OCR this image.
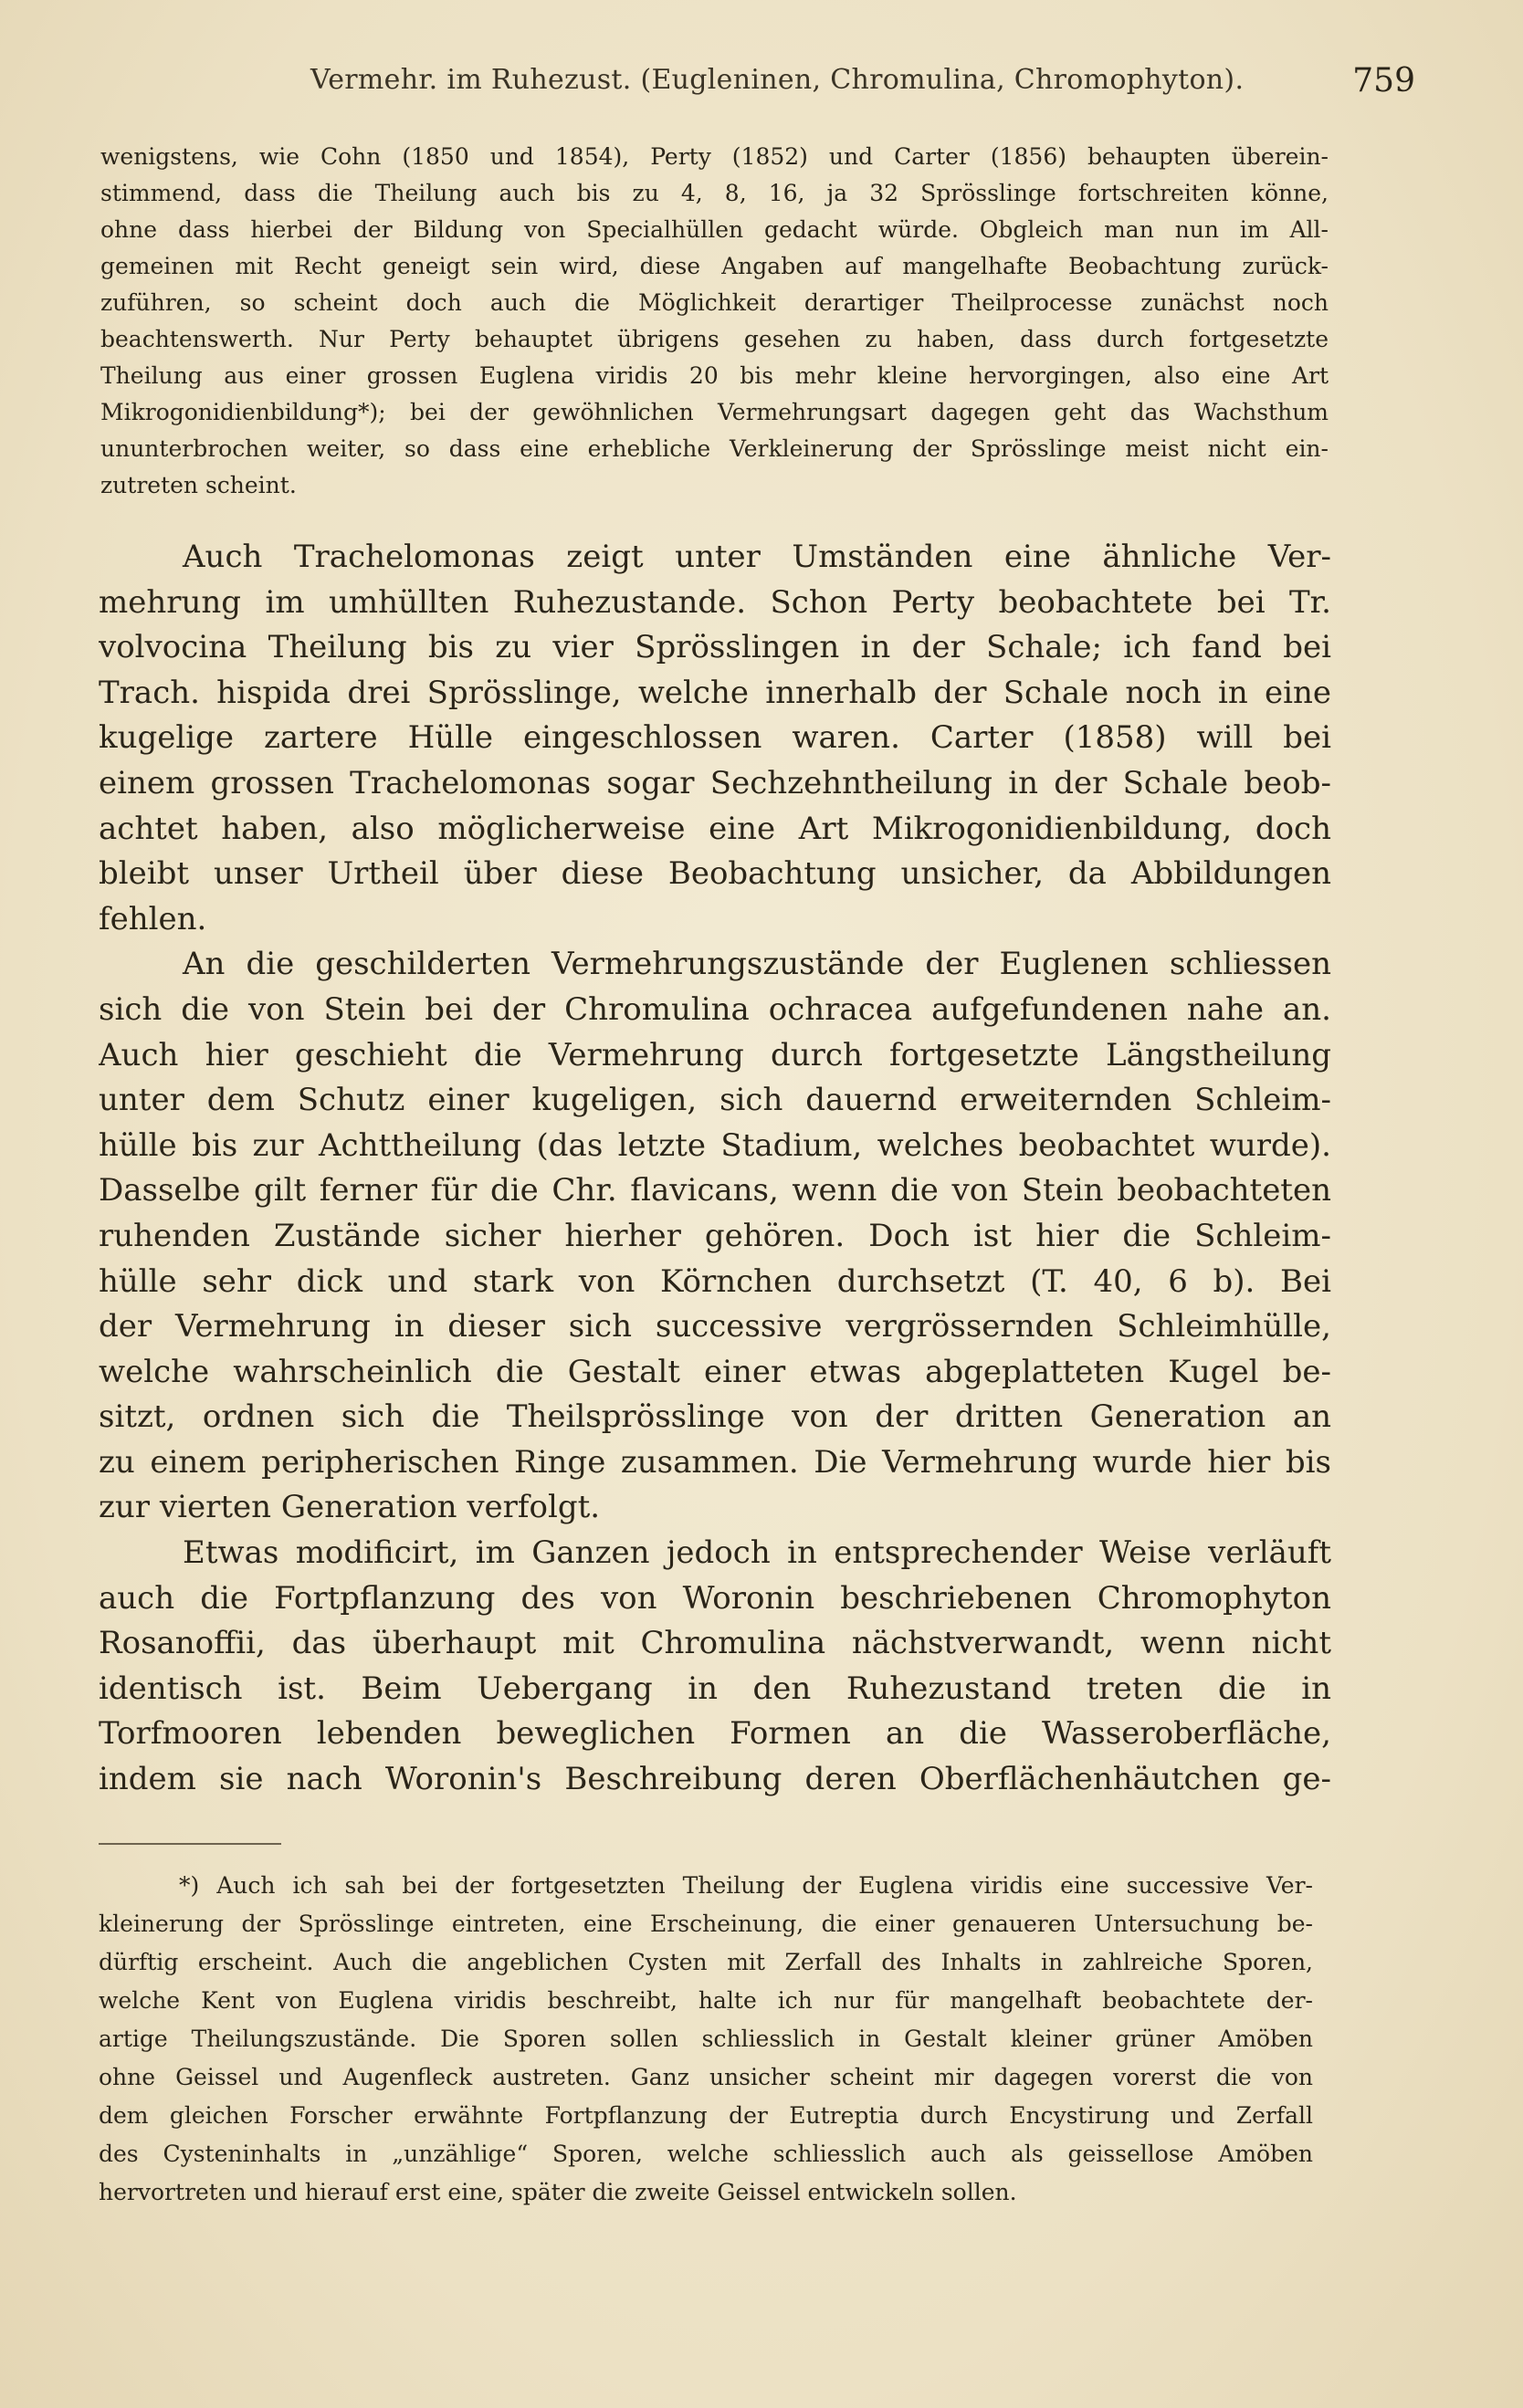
Vermehr. im Ruhezust. (Eugleninen, Chromulina, Chromophyton).	759
wenigstens, wie Cohn (1850 und 1854), Perty (1852) und Carter (1856) behaupten überein-
stimmend, dass die Theilung auch bis zu 4, 8, 16, ja 32 Sprösslinge fortschreiten könne,
ohne dass hierbei der Bildung von Specialhüllen gedacht würde. Obgleich man nun im All-
gemeinen mit Recht geneigt sein wird, diese Angaben auf mangelhafte Beobachtung zurück-
zuführen, so scheint doch auch die Möglichkeit derartiger Theilprocesse zunächst noch
beachtenswerth. Nur Perty behauptet übrigens gesehen zu haben, dass durch fortgesetzte
Theilung aus einer grossen Euglena viridis 20 bis mehr kleine hervorgingen, also eine Art
Mikrogonidienbildung*); bei der gewöhnlichen Vermehrungsart dagegen geht das Wachsthum
ununterbrochen weiter, so dass eine erhebliche Verkleinerung der Sprösslinge meist nicht ein-
zutreten scheint.
Auch Trachelomonas zeigt unter Umständen eine ähnliche Ver-
mehrung im umhüllten Ruhezustande. Schon Perty beobachtete bei Tr.
volvocina Theilung bis zu vier Sprösslingen in der Schale; ich fand bei
Trach. hispida drei Sprösslinge, welche innerhalb der Schale noch in eine
kugelige zartere Hülle eingeschlossen waren. Carter (1858) will bei
einem grossen Trachelomonas sogar Sechzehntheilung in der Schale beob-
achtet haben, also möglicherweise eine Art Mikrogonidienbildung, doch
bleibt unser Urtheil über diese Beobachtung unsicher, da Abbildungen
fehlen.
An die geschilderten Vermehrungszustände der Euglenen schliessen
sich die von Stein bei der Chromulina ochracea aufgefundenen nahe an.
Auch hier geschieht die Vermehrung durch fortgesetzte Längstheilung
unter dem Schutz einer kugeligen, sich dauernd erweiternden Schleim-
hülle bis zur Achttheilung (das letzte Stadium, welches beobachtet wurde).
Dasselbe gilt ferner für die Chr. flavicans, wenn die von Stein beobachteten
ruhenden Zustände sicher hierher gehören. Doch ist hier die Schleim-
hülle sehr dick und stark von Körnchen durchsetzt (T. 40, 6 b). Bei
der Vermehrung in dieser sich successive vergrössernden Schleimhülle,
welche wahrscheinlich die Gestalt einer etwas abgeplatteten Kugel be-
sitzt, ordnen sich die Theilsprösslinge von der dritten Generation an
zu einem peripherischen Ringe zusammen. Die Vermehrung wurde hier bis
zur vierten Generation verfolgt.
Etwas modificirt, im Ganzen jedoch in entsprechender Weise verläuft
auch die Fortpflanzung des von Woronin beschriebenen Chromophyton
Rosanoffii, das überhaupt mit Chromulina nächstverwandt, wenn nicht
identisch ist. Beim Uebergang in den Ruhezustand treten die in
Torfmooren lebenden beweglichen Formen an die Wasseroberfläche,
indem sie nach Woronin's Beschreibung deren Oberflächenhäutchen ge-
*) Auch ich sah bei der fortgesetzten Theilung der Euglena viridis eine successive Ver-
kleinerung der Sprösslinge eintreten, eine Erscheinung, die einer genaueren Untersuchung be-
dürftig erscheint. Auch die angeblichen Cysten mit Zerfall des Inhalts in zahlreiche Sporen,
welche Kent von Euglena viridis beschreibt, halte ich nur für mangelhaft beobachtete der-
artige Theilungszustände. Die Sporen sollen schliesslich in Gestalt kleiner grüner Amöben
ohne Geissel und Augenfleck austreten. Ganz unsicher scheint mir dagegen vorerst die von
dem gleichen Forscher erwähnte Fortpflanzung der Eutreptia durch Encystirung und Zerfall
des Cysteninhalts in „unzählige“ Sporen, welche schliesslich auch als geissellose Amöben
hervortreten und hierauf erst eine, später die zweite Geissel entwickeln sollen.
